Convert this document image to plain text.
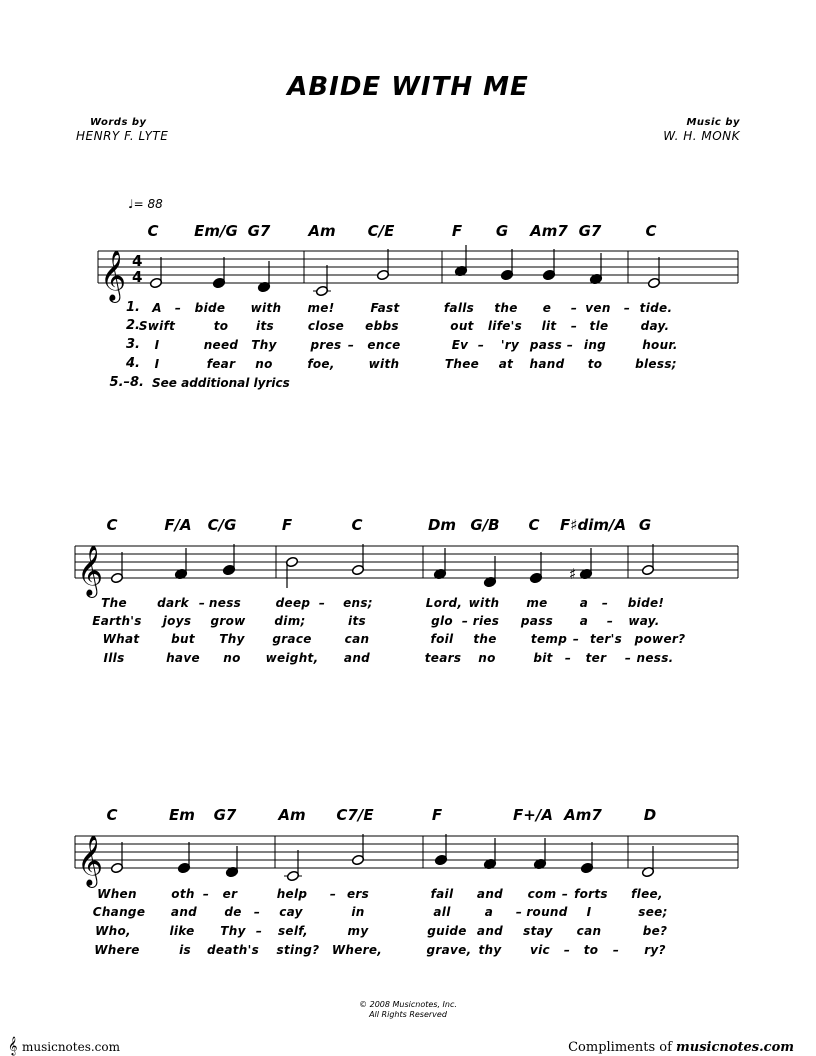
ABIDE WITH ME
Words by
HENRY F. LYTE
Music by
W. H. MONK
♩= 88
C Em/G G7	Am C/E	F G Am7 G7	C
C	F/A C/G	F	C	Dm G/B C F♯dim/A G
C	Em G7	Am C7/E	F	F+/A Am7	D
1. A – bide with me!	Fast	falls the e – ven – tide.
2.
Swift	to its	close ebbs	out life's lit – tle	day.
3. I	need Thy	pres – ence	Ev – 'ry pass – ing	hour.
4. I	fear no	foe,	with	Thee at hand to	bless;
The	dark – ness	deep – ens;	Lord, with me	a – bide!
Earth's joys grow dim;	its	glo – ries pass a – way.
What	but Thy grace	can	foil the	temp – ter's power?
Ills	have no weight, and	tears no	bit – ter – ness.
When	oth – er	help – ers	fail and com – forts flee,
Change and de – cay	in	all	a – round I	see;
Who,	like Thy – self,	my	guide and stay can	be?
Where	is death's sting? Where,	grave, thy vic – to – ry?
𝄞 4
4
𝄞	♯
𝄞
See additional lyrics
5.–8.
© 2008 Musicnotes, Inc.
All Rights Reserved
𝄞 musicnotes.com	Compliments of musicnotes.com
